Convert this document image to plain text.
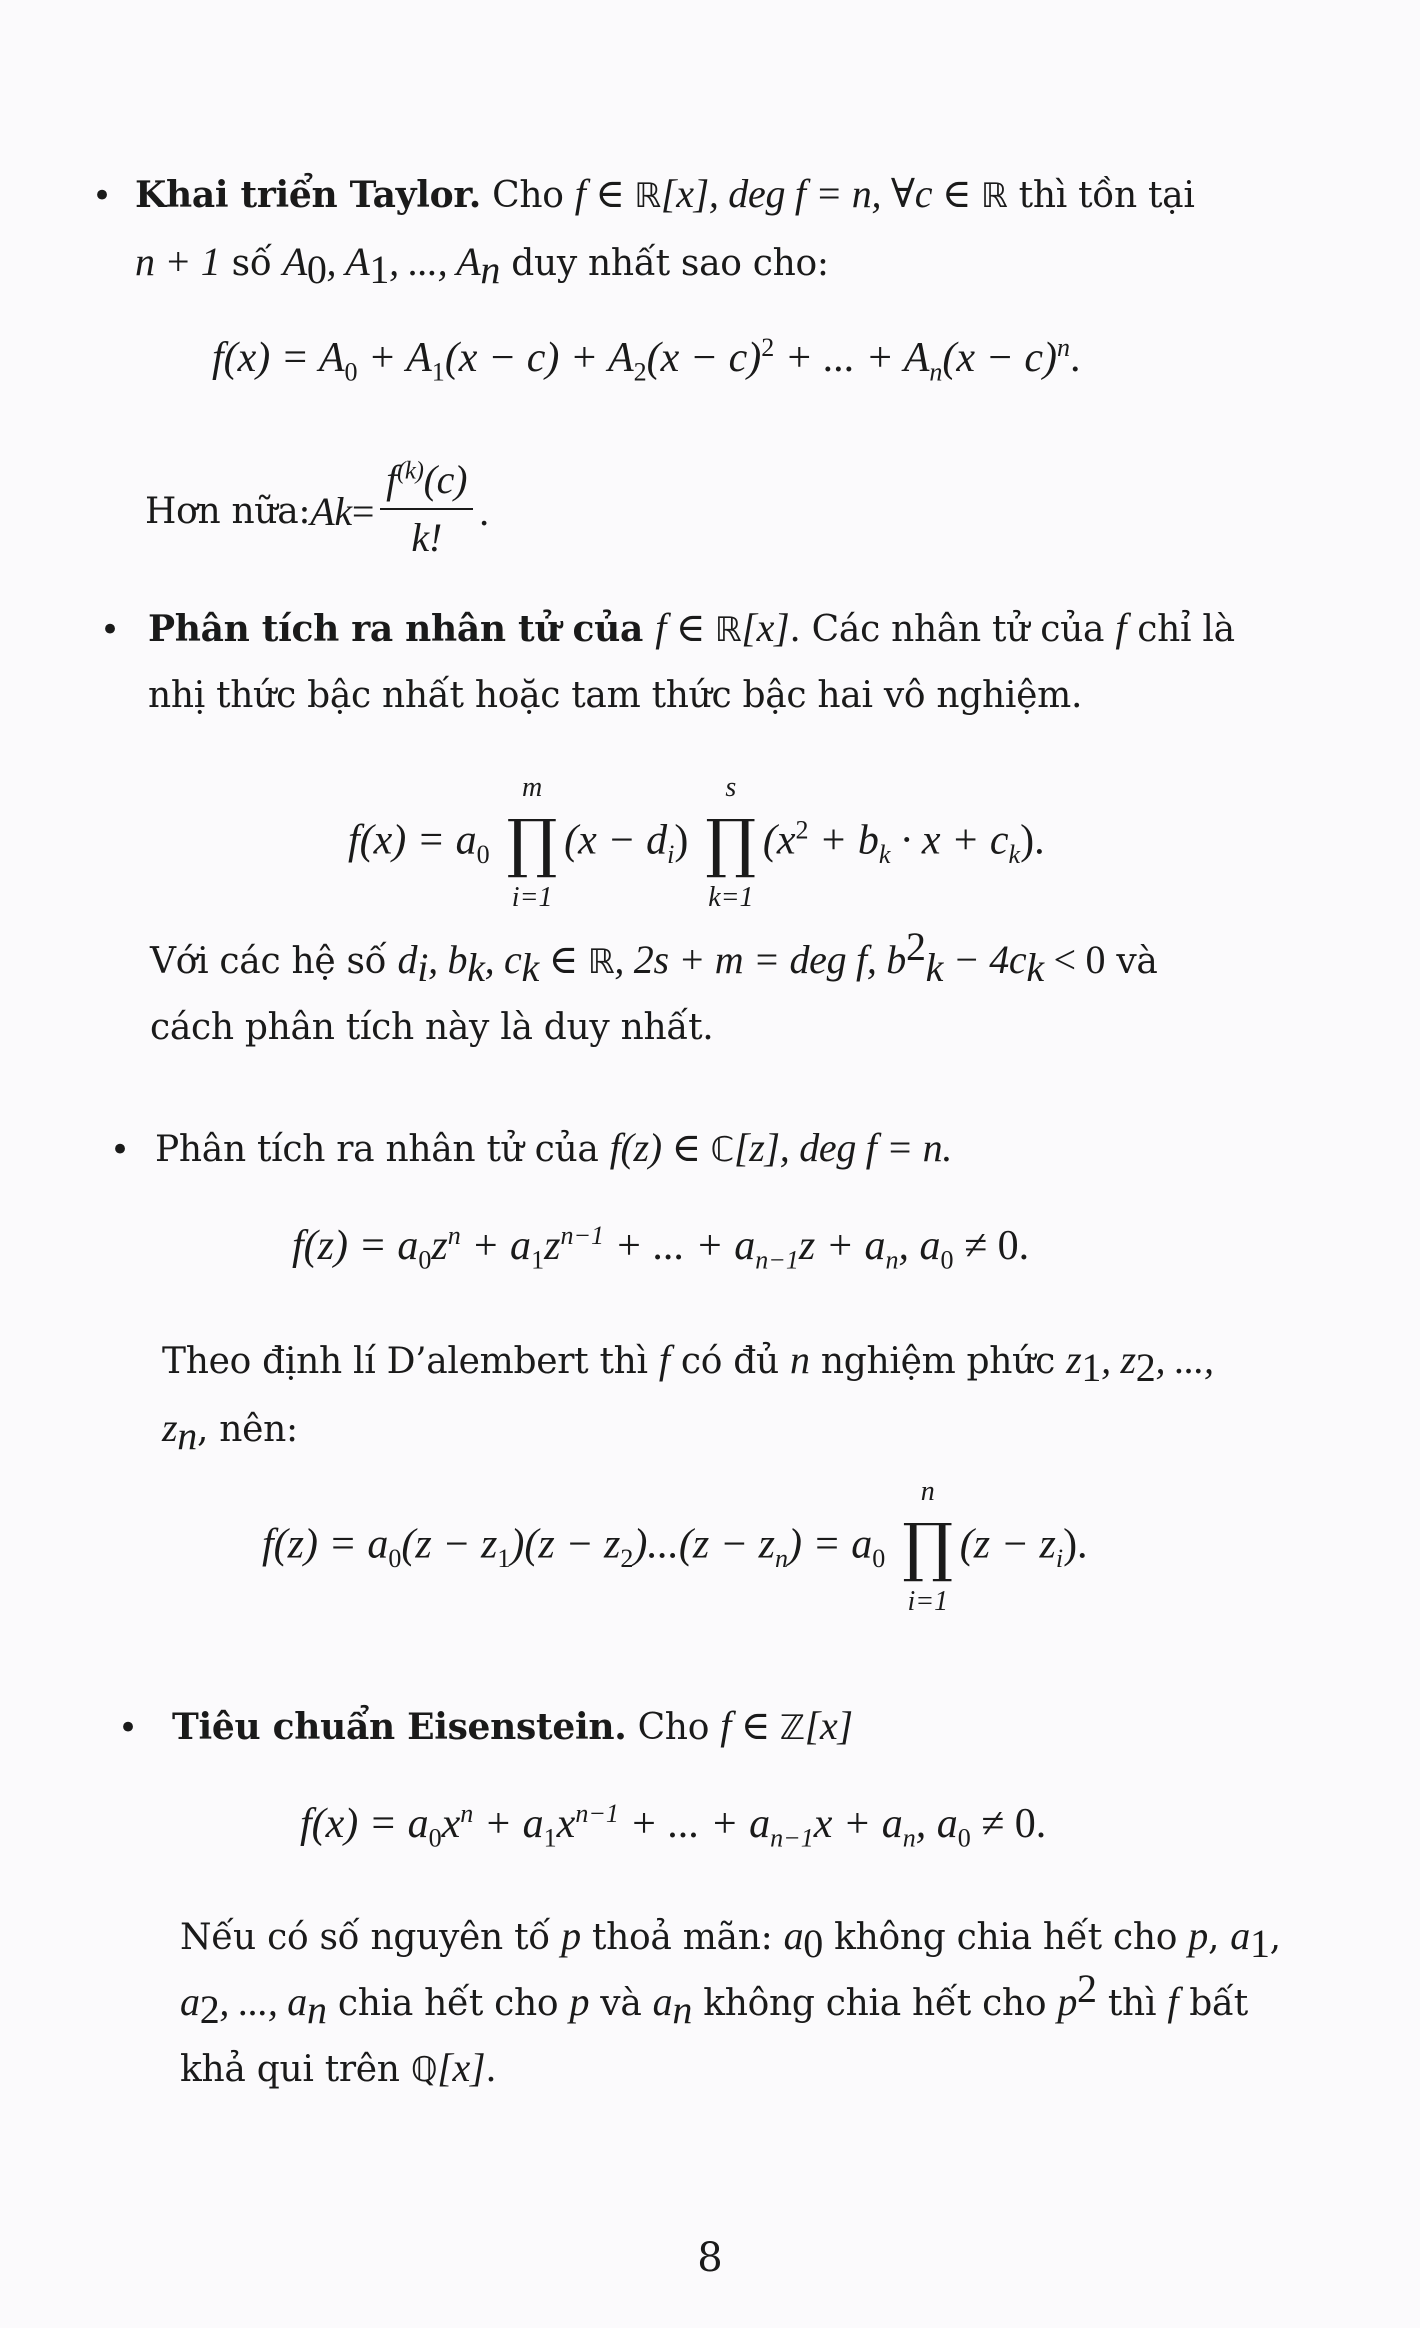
• Khai triển Taylor. Cho f ∈ ℝ[x], deg f = n, ∀c ∈ ℝ thì tồn tại
n + 1 số $A_0$, $A_1$, ..., $A_n$ duy nhất sao cho:
$f(x) = A_0 + A_1(x - c) + A_2(x - c)^2$ + ... + $A_n(x - c)^n$.
Hơn nữa: A $k = \frac{f^{(k)}(c)}{k!}$ .
• Phân tích ra nhân tử của f ∈ ℝ[x]. Các nhân tử của f chỉ là
nhị thức bậc nhất hoặc tam thức bậc hai vô nghiệm.
$f(x) = a_0$
m
∏
i=1
$(x - d_i)$
s
∏
k=1
$(x^2 + b_k \cdot x + c_k)$.
Với các hệ số $d_i$, $b_k$, $c_k$ ∈ ℝ, 2s + m = deg f, $b^2_k - 4c_k < 0$ và
cách phân tích này là duy nhất.
• Phân tích ra nhân tử của f(z) ∈ ℂ[z], deg f = n.
$f(z) = a_0z^n + a_1z^{n-1}$ + ... + $a_{n-1}z + a_n$, $a_0 \ne 0$.
Theo định lí D’alembert thì f có đủ n nghiệm phức $z_1$, $z_2$, ...,
$z_n$, nên:
$f(z) = a_0(z - z_1)(z - z_2)...(z - z_n) = a_0$
n
∏
i=1
$(z - z_i)$.
• Tiêu chuẩn Eisenstein. Cho f ∈ ℤ[x]
$f(x) = a_0x^n + a_1x^{n-1}$ + ... + $a_{n-1}x + a_n$, $a_0 \ne 0$.
Nếu có số nguyên tố p thoả mãn: $a_0$ không chia hết cho p, $a_1$,
$a_2$, ..., $a_n$ chia hết cho p và $a_n$ không chia hết cho $p^2$ thì f bất
khả qui trên ℚ[x].
8
